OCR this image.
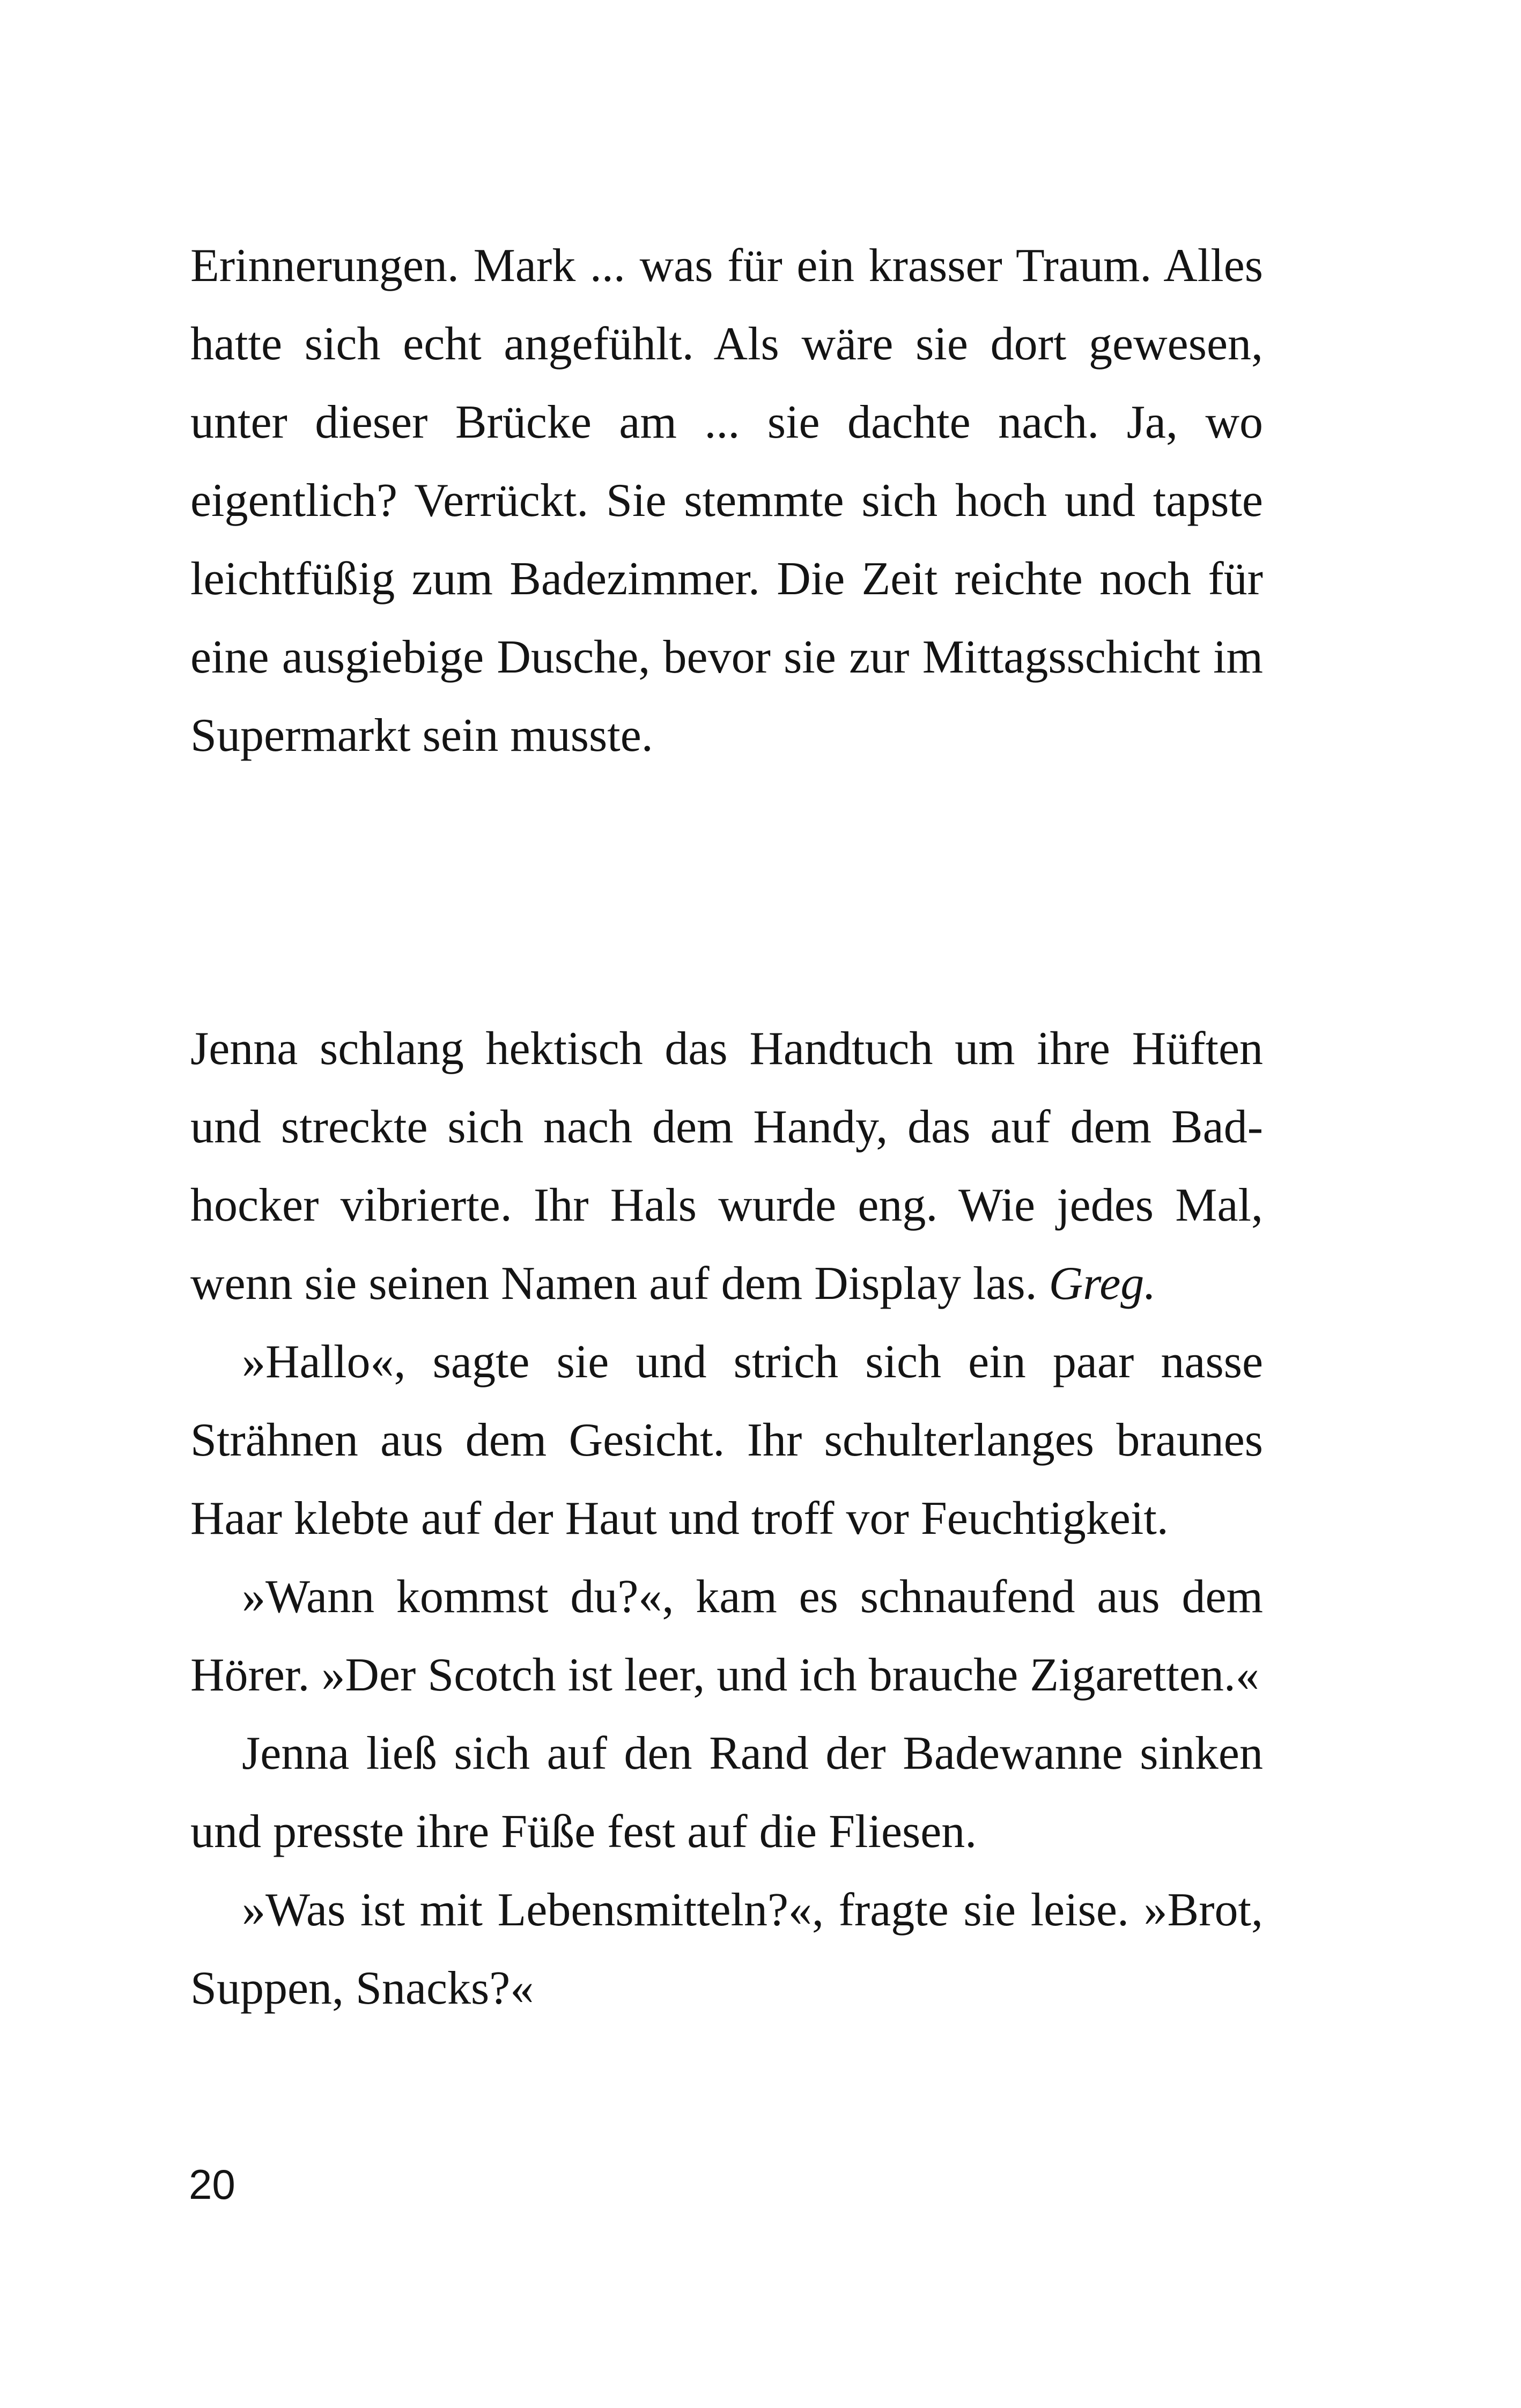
Erinnerungen. Mark ... was für ein krasser Traum. Alles hatte sich echt angefühlt. Als wäre sie dort gewesen, unter dieser Brücke am ... sie dachte nach. Ja, wo eigentlich? Verrückt. Sie stemmte sich hoch und tapste leichtfüßig zum Badezimmer. Die Zeit reichte noch für eine ausgiebige Dusche, bevor sie zur Mittagsschicht im Supermarkt sein musste.

Jenna schlang hektisch das Handtuch um ihre Hüften und streckte sich nach dem Handy, das auf dem Badhocker vibrierte. Ihr Hals wurde eng. Wie jedes Mal, wenn sie seinen Namen auf dem Display las. Greg.

»Hallo«, sagte sie und strich sich ein paar nasse Strähnen aus dem Gesicht. Ihr schulterlanges braunes Haar klebte auf der Haut und troff vor Feuchtigkeit.

»Wann kommst du?«, kam es schnaufend aus dem Hörer. »Der Scotch ist leer, und ich brauche Zigaretten.«

Jenna ließ sich auf den Rand der Badewanne sinken und presste ihre Füße fest auf die Fliesen.

»Was ist mit Lebensmitteln?«, fragte sie leise. »Brot, Suppen, Snacks?«

20
